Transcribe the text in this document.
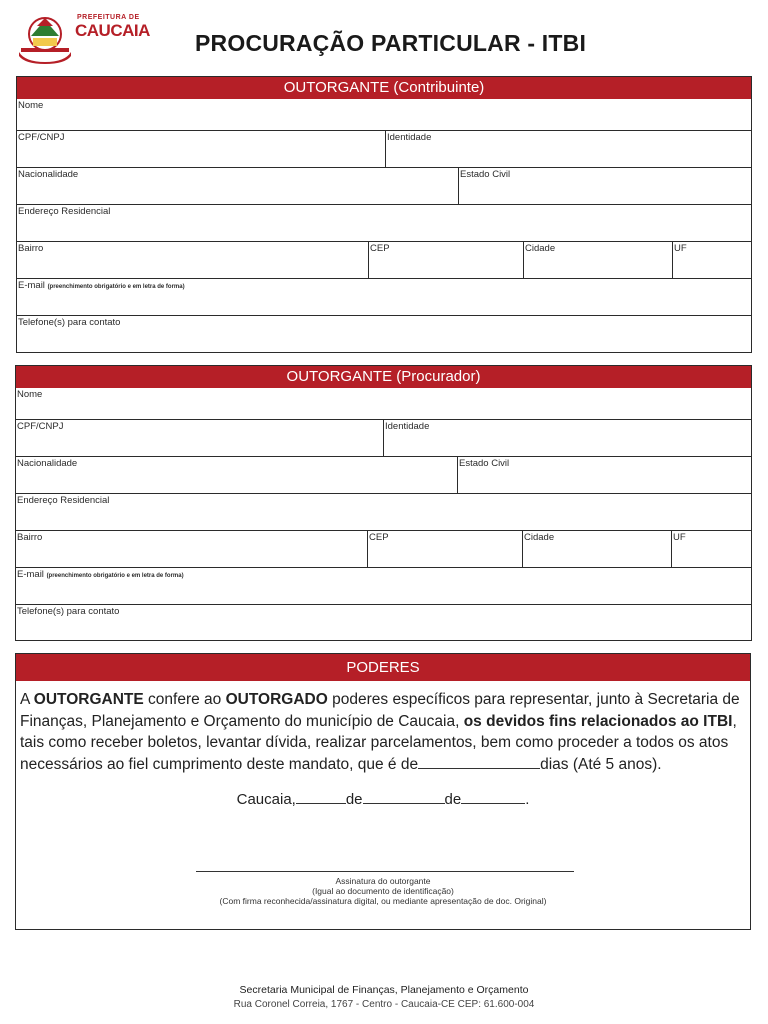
PREFEITURA DE
CAUCAIA PROCURAÇÃO PARTICULAR - ITBI
OUTORGANTE (Contribuinte)
Nome
CPF/CNPJ	Identidade
Nacionalidade	Estado Civil
Endereço Residencial
Bairro	CEP	Cidade	UF
E-mail (preenchimento obrigatório e em letra de forma)
Telefone(s) para contato
OUTORGANTE (Procurador)
Nome
CPF/CNPJ	Identidade
Nacionalidade	Estado Civil
Endereço Residencial
Bairro	CEP	Cidade	UF
E-mail (preenchimento obrigatório e em letra de forma)
Telefone(s) para contato
PODERES
A OUTORGANTE confere ao OUTORGADO poderes específicos para representar, junto à Secretaria de Finanças, Planejamento e Orçamento do município de Caucaia, os devidos fins relacionados ao ITBI, tais como receber boletos, levantar dívida, realizar parcelamentos, bem como proceder a todos os atos necessários ao fiel cumprimento deste mandato, que é de	dias (Até 5 anos).
Caucaia,	de	de	.
Assinatura do outorgante
(Igual ao documento de identificação)
(Com firma reconhecida/assinatura digital, ou mediante apresentação de doc. Original)
Secretaria Municipal de Finanças, Planejamento e Orçamento
Rua Coronel Correia, 1767 - Centro - Caucaia-CE CEP: 61.600-004
